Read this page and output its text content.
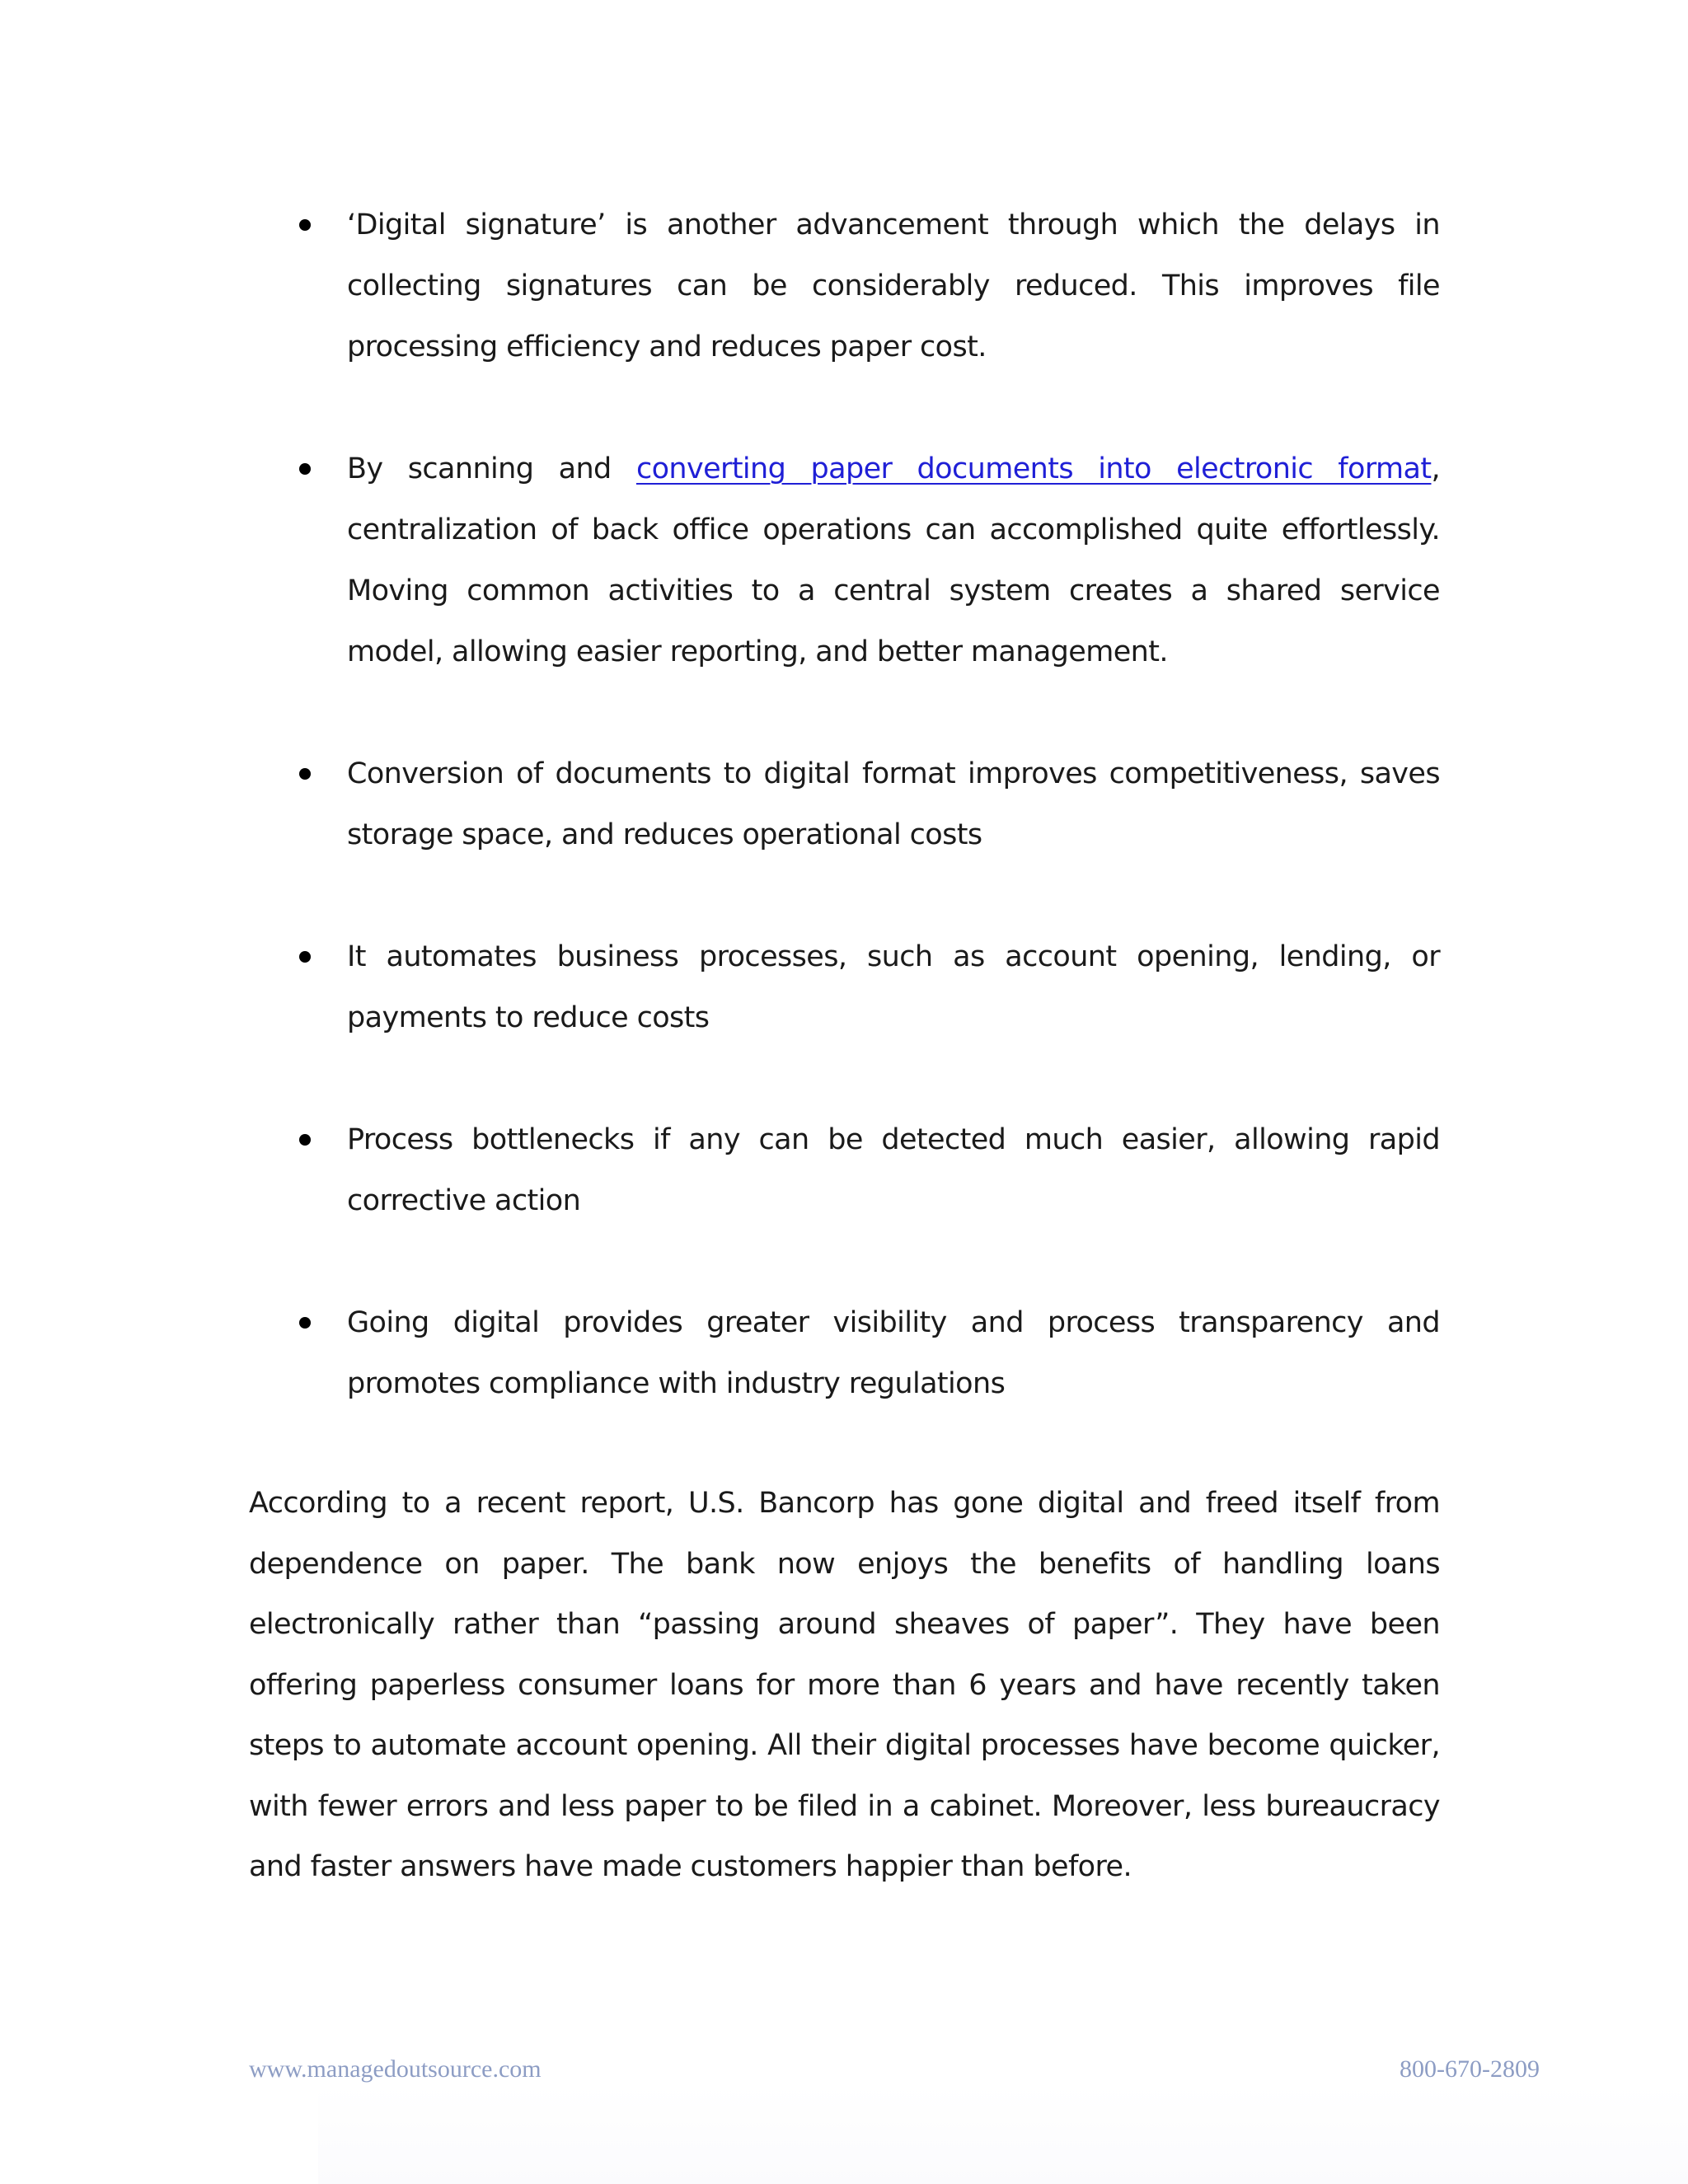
‘Digital signature’ is another advancement through which the delays in collecting signatures can be considerably reduced. This improves file processing efficiency and reduces paper cost.
By scanning and converting paper documents into electronic format, centralization of back office operations can accomplished quite effortlessly. Moving common activities to a central system creates a shared service model, allowing easier reporting, and better management.
Conversion of documents to digital format improves competitiveness, saves storage space, and reduces operational costs
It automates business processes, such as account opening, lending, or payments to reduce costs
Process bottlenecks if any can be detected much easier, allowing rapid corrective action
Going digital provides greater visibility and process transparency and promotes compliance with industry regulations

According to a recent report, U.S. Bancorp has gone digital and freed itself from dependence on paper. The bank now enjoys the benefits of handling loans electronically rather than “passing around sheaves of paper”. They have been offering paperless consumer loans for more than 6 years and have recently taken steps to automate account opening. All their digital processes have become quicker, with fewer errors and less paper to be filed in a cabinet. Moreover, less bureaucracy and faster answers have made customers happier than before.

www.managedoutsource.com	800-670-2809
